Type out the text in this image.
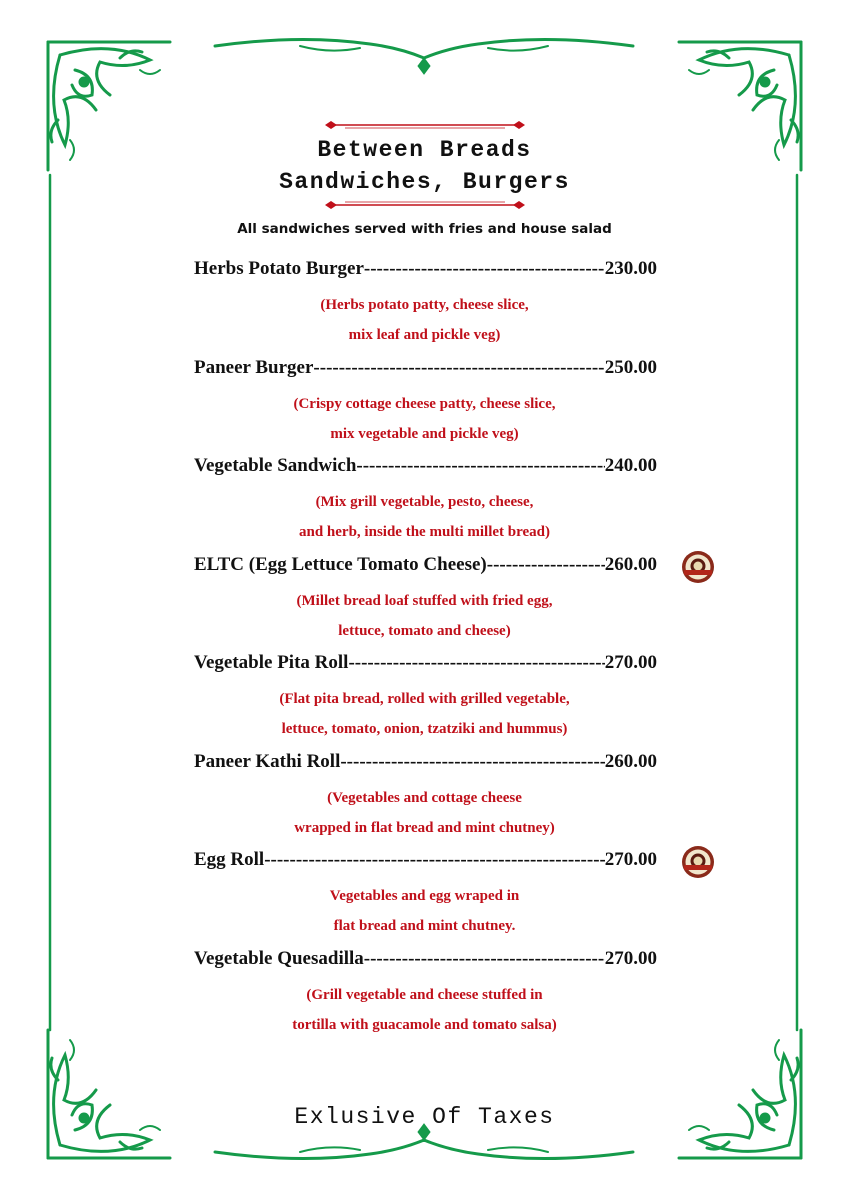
Between Breads
Sandwiches, Burgers
All sandwiches served with fries and house salad
Herbs Potato Burger -----	230.00
(Herbs potato patty, cheese slice,
mix leaf and pickle veg)
Paneer Burger -----	250.00
(Crispy cottage cheese patty, cheese slice,
mix vegetable and pickle veg)
Vegetable Sandwich -----	240.00
(Mix grill vegetable, pesto, cheese,
and herb, inside the multi millet bread)
ELTC (Egg Lettuce Tomato Cheese) -----	260.00
(Millet bread loaf stuffed with fried egg,
lettuce, tomato and cheese)
Vegetable Pita Roll -----	270.00
(Flat pita bread, rolled with grilled vegetable,
lettuce, tomato, onion, tzatziki and hummus)
Paneer Kathi Roll -----	260.00
(Vegetables and cottage cheese
wrapped in flat bread and mint chutney)
Egg Roll -----	270.00
Vegetables and egg wraped in
flat bread and mint chutney.
Vegetable Quesadilla -----	270.00
(Grill vegetable and cheese stuffed in
tortilla with guacamole and tomato salsa)
Exlusive Of Taxes
